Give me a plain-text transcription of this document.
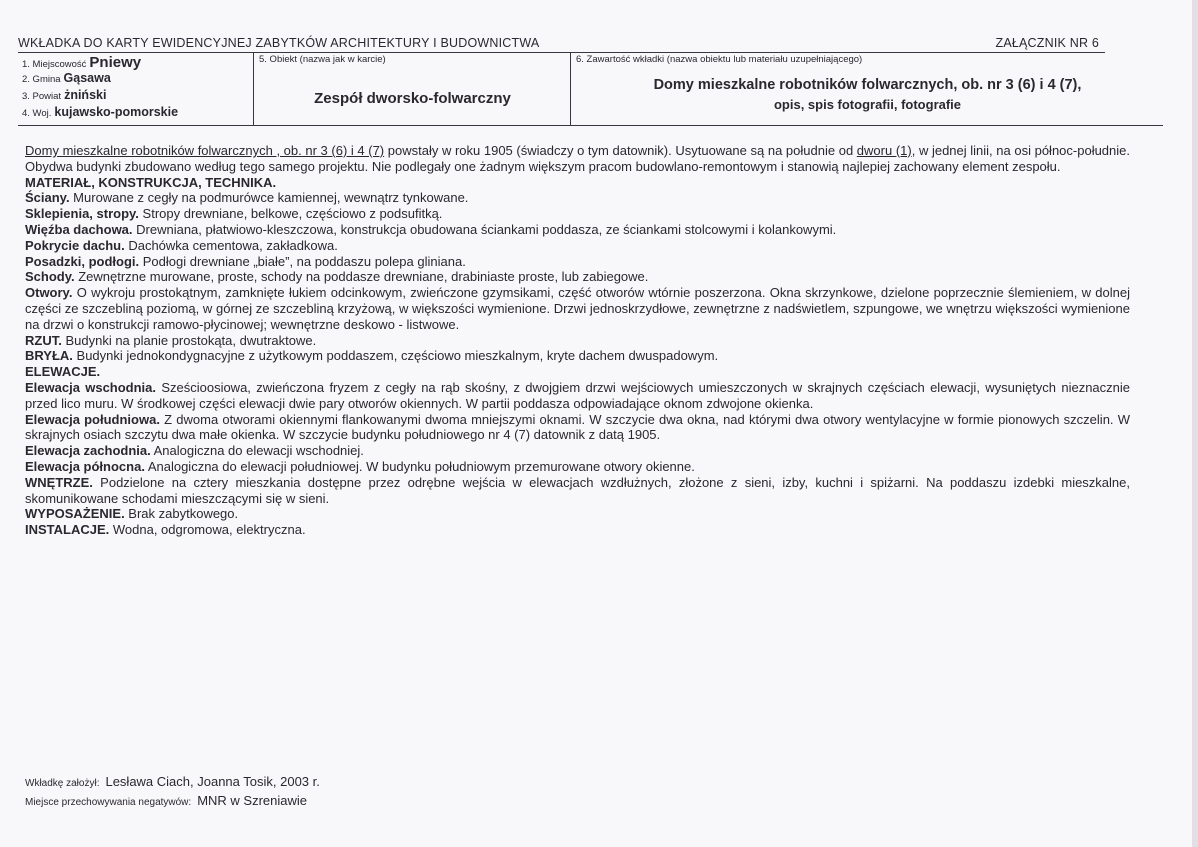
WKŁADKA DO KARTY EWIDENCYJNEJ ZABYTKÓW ARCHITEKTURY I BUDOWNICTWA	ZAŁĄCZNIK NR 6
1. Miejscowość Pniewy
2. Gmina Gąsawa
3. Powiat żniński
4. Woj. kujawsko-pomorskie
5. Obiekt (nazwa jak w karcie)
Zespół dworsko-folwarczny
6. Zawartość wkładki (nazwa obiektu lub materiału uzupełniającego)
Domy mieszkalne robotników folwarcznych, ob. nr 3 (6) i 4 (7),
opis, spis fotografii, fotografie

Domy mieszkalne robotników folwarcznych , ob. nr 3 (6) i 4 (7) powstały w roku 1905 (świadczy o tym datownik). Usytuowane są na południe od dworu (1), w jednej linii, na osi północ-południe. Obydwa budynki zbudowano według tego samego projektu. Nie podlegały one żadnym większym pracom budowlano-remontowym i stanowią najlepiej zachowany element zespołu.

MATERIAŁ, KONSTRUKCJA, TECHNIKA.

Ściany. Murowane z cegły na podmurówce kamiennej, wewnątrz tynkowane.

Sklepienia, stropy. Stropy drewniane, belkowe, częściowo z podsufitką.

Więźba dachowa. Drewniana, płatwiowo-kleszczowa, konstrukcja obudowana ściankami poddasza, ze ściankami stolcowymi i kolankowymi.

Pokrycie dachu. Dachówka cementowa, zakładkowa.

Posadzki, podłogi. Podłogi drewniane „białe”, na poddaszu polepa gliniana.

Schody. Zewnętrzne murowane, proste, schody na poddasze drewniane, drabiniaste proste, lub zabiegowe.

Otwory. O wykroju prostokątnym, zamknięte łukiem odcinkowym, zwieńczone gzymsikami, część otworów wtórnie poszerzona. Okna skrzynkowe, dzielone poprzecznie ślemieniem, w dolnej części ze szczebliną poziomą, w górnej ze szczebliną krzyżową, w większości wymienione. Drzwi jednoskrzydłowe, zewnętrzne z nadświetlem, szpungowe, we wnętrzu większości wymienione na drzwi o konstrukcji ramowo-płycinowej; wewnętrzne deskowo - listwowe.

RZUT. Budynki na planie prostokąta, dwutraktowe.

BRYŁA. Budynki jednokondygnacyjne z użytkowym poddaszem, częściowo mieszkalnym, kryte dachem dwuspadowym.

ELEWACJE.

Elewacja wschodnia. Sześcioosiowa, zwieńczona fryzem z cegły na rąb skośny, z dwojgiem drzwi wejściowych umieszczonych w skrajnych częściach elewacji, wysuniętych nieznacznie przed lico muru. W środkowej części elewacji dwie pary otworów okiennych. W partii poddasza odpowiadające oknom zdwojone okienka.

Elewacja południowa. Z dwoma otworami okiennymi flankowanymi dwoma mniejszymi oknami. W szczycie dwa okna, nad którymi dwa otwory wentylacyjne w formie pionowych szczelin. W skrajnych osiach szczytu dwa małe okienka. W szczycie budynku południowego nr 4 (7) datownik z datą 1905.

Elewacja zachodnia. Analogiczna do elewacji wschodniej.

Elewacja północna. Analogiczna do elewacji południowej. W budynku południowym przemurowane otwory okienne.

WNĘTRZE. Podzielone na cztery mieszkania dostępne przez odrębne wejścia w elewacjach wzdłużnych, złożone z sieni, izby, kuchni i spiżarni. Na poddaszu izdebki mieszkalne, skomunikowane schodami mieszczącymi się w sieni.

WYPOSAŻENIE. Brak zabytkowego.

INSTALACJE. Wodna, odgromowa, elektryczna.

Wkładkę założył: Lesława Ciach, Joanna Tosik, 2003 r.
Miejsce przechowywania negatywów: MNR w Szreniawie
